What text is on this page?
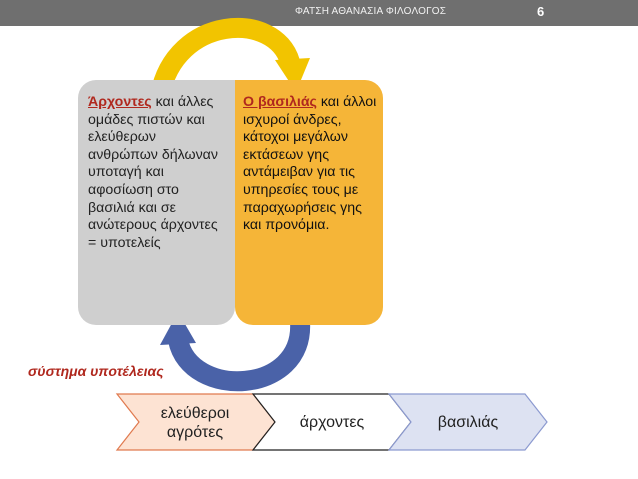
ΦΑΤΣΗ ΑΘΑΝΑΣΙΑ ΦΙΛΟΛΟΓΟΣ	6

Άρχοντες και άλλες ομάδες πιστών και ελεύθερων ανθρώπων δήλωναν υποταγή και αφοσίωση στο βασιλιά και σε ανώτερους άρχοντες = υποτελείς

Ο βασιλιάς και άλλοι ισχυροί άνδρες, κάτοχοι μεγάλων εκτάσεων γης αντάμειβαν για τις υπηρεσίες τους με παραχωρήσεις γης και προνόμια.

σύστημα υποτέλειας
ελεύθεροι αγρότες
άρχοντες	βασιλιάς
